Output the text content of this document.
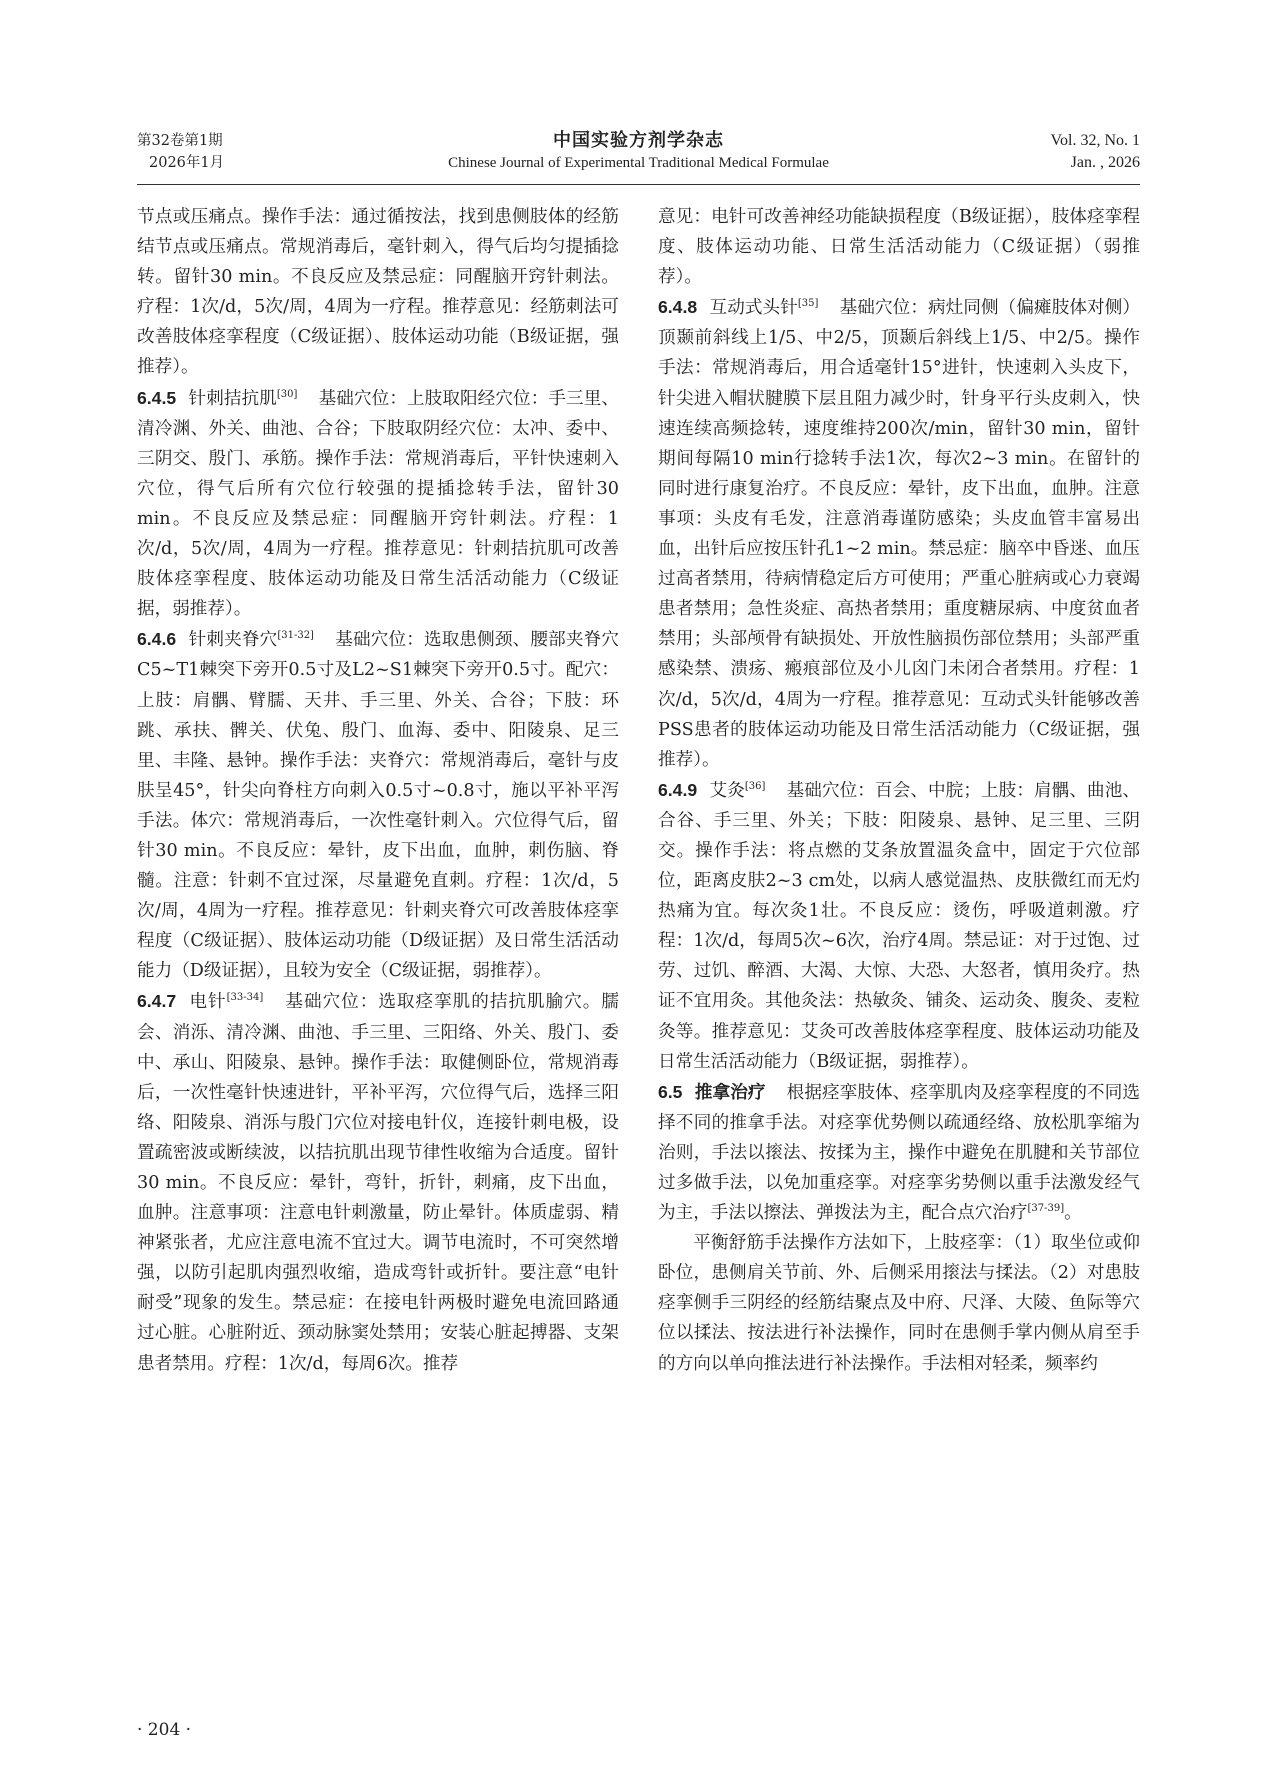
第32卷第1期
2026年1月
中国实验方剂学杂志
Chinese Journal of Experimental Traditional Medical Formulae
Vol. 32, No. 1
Jan. , 2026

节点或压痛点。操作手法：通过循按法，找到患侧肢体的经筋结节点或压痛点。常规消毒后，毫针刺入，得气后均匀提插捻转。留针30 min。不良反应及禁忌症：同醒脑开窍针刺法。疗程：1次/d，5次/周，4周为一疗程。推荐意见：经筋刺法可改善肢体痉挛程度（C级证据）、肢体运动功能（B级证据，强推荐）。

6.4.5 针刺拮抗肌[30] 基础穴位：上肢取阳经穴位：手三里、清冷渊、外关、曲池、合谷；下肢取阴经穴位：太冲、委中、三阴交、殷门、承筋。操作手法：常规消毒后，平针快速刺入穴位，得气后所有穴位行较强的提插捻转手法，留针30 min。不良反应及禁忌症：同醒脑开窍针刺法。疗程：1次/d，5次/周，4周为一疗程。推荐意见：针刺拮抗肌可改善肢体痉挛程度、肢体运动功能及日常生活活动能力（C级证据，弱推荐）。

6.4.6 针刺夹脊穴[31-32] 基础穴位：选取患侧颈、腰部夹脊穴C5~T1棘突下旁开0.5寸及L2~S1棘突下旁开0.5寸。配穴：上肢：肩髃、臂臑、天井、手三里、外关、合谷；下肢：环跳、承扶、髀关、伏兔、殷门、血海、委中、阳陵泉、足三里、丰隆、悬钟。操作手法：夹脊穴：常规消毒后，毫针与皮肤呈45°，针尖向脊柱方向刺入0.5寸~0.8寸，施以平补平泻手法。体穴：常规消毒后，一次性毫针刺入。穴位得气后，留针30 min。不良反应：晕针，皮下出血，血肿，刺伤脑、脊髓。注意：针刺不宜过深，尽量避免直刺。疗程：1次/d，5次/周，4周为一疗程。推荐意见：针刺夹脊穴可改善肢体痉挛程度（C级证据）、肢体运动功能（D级证据）及日常生活活动能力（D级证据），且较为安全（C级证据，弱推荐）。

6.4.7 电针[33-34] 基础穴位：选取痉挛肌的拮抗肌腧穴。臑会、消泺、清冷渊、曲池、手三里、三阳络、外关、殷门、委中、承山、阳陵泉、悬钟。操作手法：取健侧卧位，常规消毒后，一次性毫针快速进针，平补平泻，穴位得气后，选择三阳络、阳陵泉、消泺与殷门穴位对接电针仪，连接针刺电极，设置疏密波或断续波，以拮抗肌出现节律性收缩为合适度。留针30 min。不良反应：晕针，弯针，折针，刺痛，皮下出血，血肿。注意事项：注意电针刺激量，防止晕针。体质虚弱、精神紧张者，尤应注意电流不宜过大。调节电流时，不可突然增强，以防引起肌肉强烈收缩，造成弯针或折针。要注意“电针耐受”现象的发生。禁忌症：在接电针两极时避免电流回路通过心脏。心脏附近、颈动脉窦处禁用；安装心脏起搏器、支架患者禁用。疗程：1次/d，每周6次。推荐

意见：电针可改善神经功能缺损程度（B级证据），肢体痉挛程度、肢体运动功能、日常生活活动能力（C级证据）（弱推荐）。

6.4.8 互动式头针[35] 基础穴位：病灶同侧（偏瘫肢体对侧）顶颞前斜线上1/5、中2/5，顶颞后斜线上1/5、中2/5。操作手法：常规消毒后，用合适毫针15°进针，快速刺入头皮下，针尖进入帽状腱膜下层且阻力减少时，针身平行头皮刺入，快速连续高频捻转，速度维持200次/min，留针30 min，留针期间每隔10 min行捻转手法1次，每次2~3 min。在留针的同时进行康复治疗。不良反应：晕针，皮下出血，血肿。注意事项：头皮有毛发，注意消毒谨防感染；头皮血管丰富易出血，出针后应按压针孔1~2 min。禁忌症：脑卒中昏迷、血压过高者禁用，待病情稳定后方可使用；严重心脏病或心力衰竭患者禁用；急性炎症、高热者禁用；重度糖尿病、中度贫血者禁用；头部颅骨有缺损处、开放性脑损伤部位禁用；头部严重感染禁、溃疡、瘢痕部位及小儿囟门未闭合者禁用。疗程：1次/d，5次/d，4周为一疗程。推荐意见：互动式头针能够改善PSS患者的肢体运动功能及日常生活活动能力（C级证据，强推荐）。

6.4.9 艾灸[36] 基础穴位：百会、中脘；上肢：肩髃、曲池、合谷、手三里、外关；下肢：阳陵泉、悬钟、足三里、三阴交。操作手法：将点燃的艾条放置温灸盒中，固定于穴位部位，距离皮肤2~3 cm处，以病人感觉温热、皮肤微红而无灼热痛为宜。每次灸1壮。不良反应：烫伤，呼吸道刺激。疗程：1次/d，每周5次~6次，治疗4周。禁忌证：对于过饱、过劳、过饥、醉酒、大渴、大惊、大恐、大怒者，慎用灸疗。热证不宜用灸。其他灸法：热敏灸、铺灸、运动灸、腹灸、麦粒灸等。推荐意见：艾灸可改善肢体痉挛程度、肢体运动功能及日常生活活动能力（B级证据，弱推荐）。

6.5 推拿治疗 根据痉挛肢体、痉挛肌肉及痉挛程度的不同选择不同的推拿手法。对痉挛优势侧以疏通经络、放松肌挛缩为治则，手法以㨰法、按揉为主，操作中避免在肌腱和关节部位过多做手法，以免加重痉挛。对痉挛劣势侧以重手法激发经气为主，手法以擦法、弹拨法为主，配合点穴治疗[37-39]。

平衡舒筋手法操作方法如下，上肢痉挛：（1）取坐位或仰卧位，患侧肩关节前、外、后侧采用㨰法与揉法。（2）对患肢痉挛侧手三阴经的经筋结聚点及中府、尺泽、大陵、鱼际等穴位以揉法、按法进行补法操作，同时在患侧手掌内侧从肩至手的方向以单向推法进行补法操作。手法相对轻柔，频率约

· 204 ·
